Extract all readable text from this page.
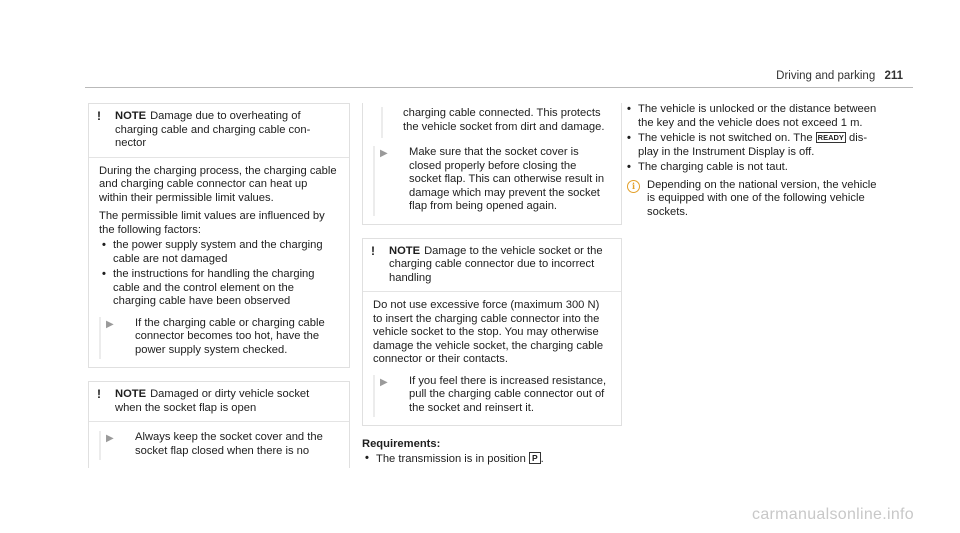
Driving and parking 211
!	NOTE Damage due to overheating of charging cable and charging cable con- nector

During the charging process, the charging cable and charging cable connector can heat up within their permissible limit values.

The permissible limit values are influenced by the following factors:

• the power supply system and the charging cable are not damaged
• the instructions for handling the charging cable and the control element on the charging cable have been observed
▶ If the charging cable or charging cable connector becomes too hot, have the power supply system checked.
!	NOTE Damaged or dirty vehicle socket when the socket flap is open
▶ Always keep the socket cover and the socket flap closed when there is no
charging cable connected. This protects the vehicle socket from dirt and damage.
▶ Make sure that the socket cover is closed properly before closing the socket flap. This can otherwise result in damage which may prevent the socket flap from being opened again.
!	NOTE Damage to the vehicle socket or the charging cable connector due to incorrect handling

Do not use excessive force (maximum 300 N) to insert the charging cable connector into the vehicle socket to the stop. You may otherwise damage the vehicle socket, the charging cable connector or their contacts.

▶ If you feel there is increased resistance, pull the charging cable connector out of the socket and reinsert it.
Requirements:
• The transmission is in position P .
• The vehicle is unlocked or the distance between the key and the vehicle does not exceed 1 m.
• The vehicle is not switched on. The READY dis- play in the Instrument Display is off.
• The charging cable is not taut.
i	Depending on the national version, the vehicle is equipped with one of the following vehicle sockets.
carmanualsonline.info
